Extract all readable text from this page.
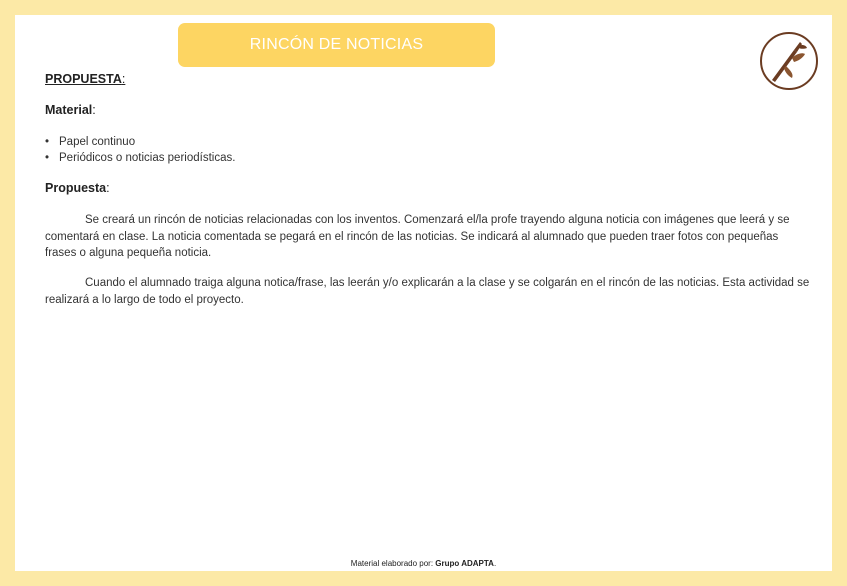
RINCÓN DE NOTICIAS
PROPUESTA:
Material:
• Papel continuo
• Periódicos o noticias periodísticas.
Propuesta:

Se creará un rincón de noticias relacionadas con los inventos. Comenzará el/la profe trayendo alguna noticia con imágenes que leerá y se comentará en clase. La noticia comentada se pegará en el rincón de las noticias. Se indicará al alumnado que pueden traer fotos con pequeñas frases o alguna pequeña noticia.

Cuando el alumnado traiga alguna notica/frase, las leerán y/o explicarán a la clase y se colgarán en el rincón de las noticias. Esta actividad se realizará a lo largo de todo el proyecto.

Material elaborado por: Grupo ADAPTA.
